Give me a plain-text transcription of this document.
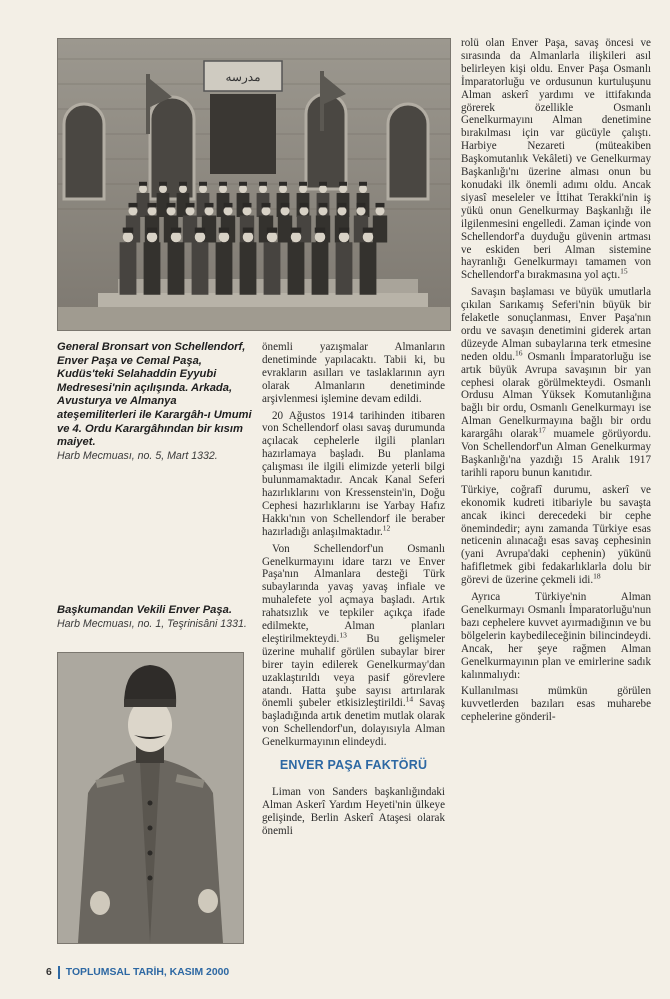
ﻣﺪﺭﺳﻪ
General Bronsart von Schellendorf, Enver Paşa ve Cemal Paşa, Kudüs'teki Selahaddin Eyyubi Medresesi'nin açılışında. Arkada, Avusturya ve Almanya ateşemiliterleri ile Karargâh-ı Umumi ve 4. Ordu Karargâhından bir kısım maiyet.
Harb Mecmuası, no. 5, Mart 1332.
Başkumandan Vekili Enver Paşa.
Harb Mecmuası, no. 1, Teşrinisâni 1331.

önemli yazışmalar Almanların denetiminde yapılacaktı. Tabii ki, bu evrakların asılları ve taslaklarının ayrı olarak Almanların denetiminde arşivlenmesi işlemine devam edildi.

20 Ağustos 1914 tarihinden itibaren von Schellendorf olası savaş durumunda açılacak cephelerle ilgili planları hazırlamaya başladı. Bu planlama çalışması ile ilgili elimizde yeterli bilgi bulunmamaktadır. Ancak Kanal Seferi hazırlıklarını von Kressenstein'in, Doğu Cephesi hazırlıklarını ise Yarbay Hafız Hakkı'nın von Schellendorf ile beraber hazırladığı anlaşılmaktadır.$^{12}$

Von Schellendorf'un Osmanlı Genelkurmayını idare tarzı ve Enver Paşa'nın Almanlara desteği Türk subaylarında yavaş yavaş infiale ve muhalefete yol açmaya başladı. Artık rahatsızlık ve tepkiler açıkça ifade edilmekte, Alman planları eleştirilmekteydi.$^{13}$ Bu gelişmeler üzerine muhalif görülen subaylar birer birer tayin edilerek Genelkurmay'dan uzaklaştırıldı veya pasif görevlere atandı. Hatta şube sayısı artırılarak önemli şubeler etkisizleştirildi.$^{14}$ Savaş başladığında artık denetim mutlak olarak von Schellendorf'un, dolayısıyla Alman Genelkurmayının elindeydi.

ENVER PAŞA FAKTÖRÜ

Liman von Sanders başkanlığındaki Alman Askerî Yardım Heyeti'nin ülkeye gelişinde, Berlin Askerî Ataşesi olarak önemli

rolü olan Enver Paşa, savaş öncesi ve sırasında da Almanlarla ilişkileri asıl belirleyen kişi oldu. Enver Paşa Osmanlı İmparatorluğu ve ordusunun kurtuluşunu Alman askerî yardımı ve ittifakında görerek özellikle Osmanlı Genelkurmayını Alman denetimine bırakılması için var gücüyle çalıştı. Harbiye Nezareti (müteakiben Başkomutanlık Vekâleti) ve Genelkurmay Başkanlığı'nı üzerine alması onun bu konudaki ilk önemli adımı oldu. Ancak siyasî meseleler ve İttihat Terakki'nin iş yükü onun Genelkurmay Başkanlığı ile ilgilenmesini engelledi. Zaman içinde von Schellendorf'a duyduğu güvenin artması ve eskiden beri Alman sistemine hayranlığı Genelkurmayı tamamen von Schellendorf'a bırakmasına yol açtı.$^{15}$

Savaşın başlaması ve büyük umutlarla çıkılan Sarıkamış Seferi'nin büyük bir felaketle sonuçlanması, Enver Paşa'nın ordu ve savaşın denetimini giderek artan düzeyde Alman subaylarına terk etmesine neden oldu.$^{16}$ Osmanlı İmparatorluğu ise artık büyük Avrupa savaşının bir yan cephesi olarak görülmekteydi. Osmanlı Ordusu Alman Yüksek Komutanlığına bağlı bir ordu, Osmanlı Genelkurmayı ise Alman Genelkurmayına bağlı bir ordu karargâhı olarak$^{17}$ muamele görüyordu. Von Schellendorf'un Alman Genelkurmay Başkanlığı'na yazdığı 15 Aralık 1917 tarihli raporu bunun kanıtıdır.

Türkiye, coğrafî durumu, askerî ve ekonomik kudreti itibariyle bu savaşta ancak ikinci derecedeki bir cephe önemindedir; aynı zamanda Türkiye esas neticenin alınacağı esas savaş cephesinin (yani Avrupa'daki cephenin) yükünü hafifletmek gibi fedakarlıklarla dolu bir görevi de üzerine çekmeli idi.$^{18}$

Ayrıca Türkiye'nin Alman Genelkurmayı Osmanlı İmparatorluğu'nun bazı cephelere kuvvet ayırmadığının ve bu bölgelerin kaybedileceğinin bilincindeydi. Ancak, her şeye rağmen Alman Genelkurmayının plan ve emirlerine sadık kalınmalıydı:

Kullanılması mümkün görülen kuvvetlerden bazıları esas muharebe cephelerine gönderil-

6 TOPLUMSAL TARİH, KASIM 2000
